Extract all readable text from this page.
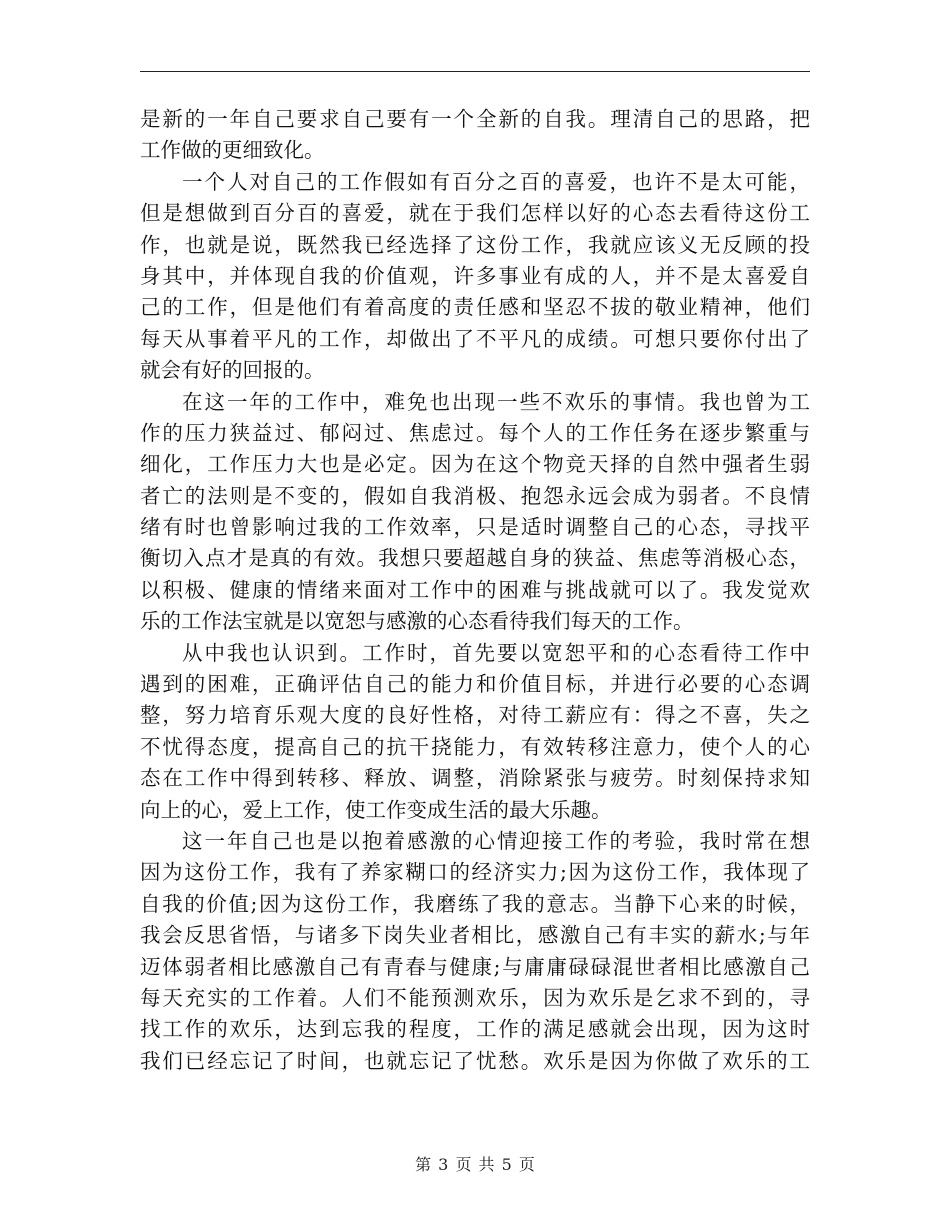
是新的一年自己要求自己要有一个全新的自我。理清自己的思路，把
工作做的更细致化。
一个人对自己的工作假如有百分之百的喜爱，也许不是太可能，
但是想做到百分百的喜爱，就在于我们怎样以好的心态去看待这份工
作，也就是说，既然我已经选择了这份工作，我就应该义无反顾的投
身其中，并体现自我的价值观，许多事业有成的人，并不是太喜爱自
己的工作，但是他们有着高度的责任感和坚忍不拔的敬业精神，他们
每天从事着平凡的工作，却做出了不平凡的成绩。可想只要你付出了
就会有好的回报的。
在这一年的工作中，难免也出现一些不欢乐的事情。我也曾为工
作的压力狭益过、郁闷过、焦虑过。每个人的工作任务在逐步繁重与
细化，工作压力大也是必定。因为在这个物竞天择的自然中强者生弱
者亡的法则是不变的，假如自我消极、抱怨永远会成为弱者。不良情
绪有时也曾影响过我的工作效率，只是适时调整自己的心态，寻找平
衡切入点才是真的有效。我想只要超越自身的狭益、焦虑等消极心态，
以积极、健康的情绪来面对工作中的困难与挑战就可以了。我发觉欢
乐的工作法宝就是以宽恕与感激的心态看待我们每天的工作。
从中我也认识到。工作时，首先要以宽恕平和的心态看待工作中
遇到的困难，正确评估自己的能力和价值目标，并进行必要的心态调
整，努力培育乐观大度的良好性格，对待工薪应有：得之不喜，失之
不忧得态度，提高自己的抗干挠能力，有效转移注意力，使个人的心
态在工作中得到转移、释放、调整，消除紧张与疲劳。时刻保持求知
向上的心，爱上工作，使工作变成生活的最大乐趣。
这一年自己也是以抱着感激的心情迎接工作的考验，我时常在想
因为这份工作，我有了养家糊口的经济实力;因为这份工作，我体现了
自我的价值;因为这份工作，我磨练了我的意志。当静下心来的时候，
我会反思省悟，与诸多下岗失业者相比，感激自己有丰实的薪水;与年
迈体弱者相比感激自己有青春与健康;与庸庸碌碌混世者相比感激自己
每天充实的工作着。人们不能预测欢乐，因为欢乐是乞求不到的，寻
找工作的欢乐，达到忘我的程度，工作的满足感就会出现，因为这时
我们已经忘记了时间，也就忘记了忧愁。欢乐是因为你做了欢乐的工
第 3 页 共 5 页
